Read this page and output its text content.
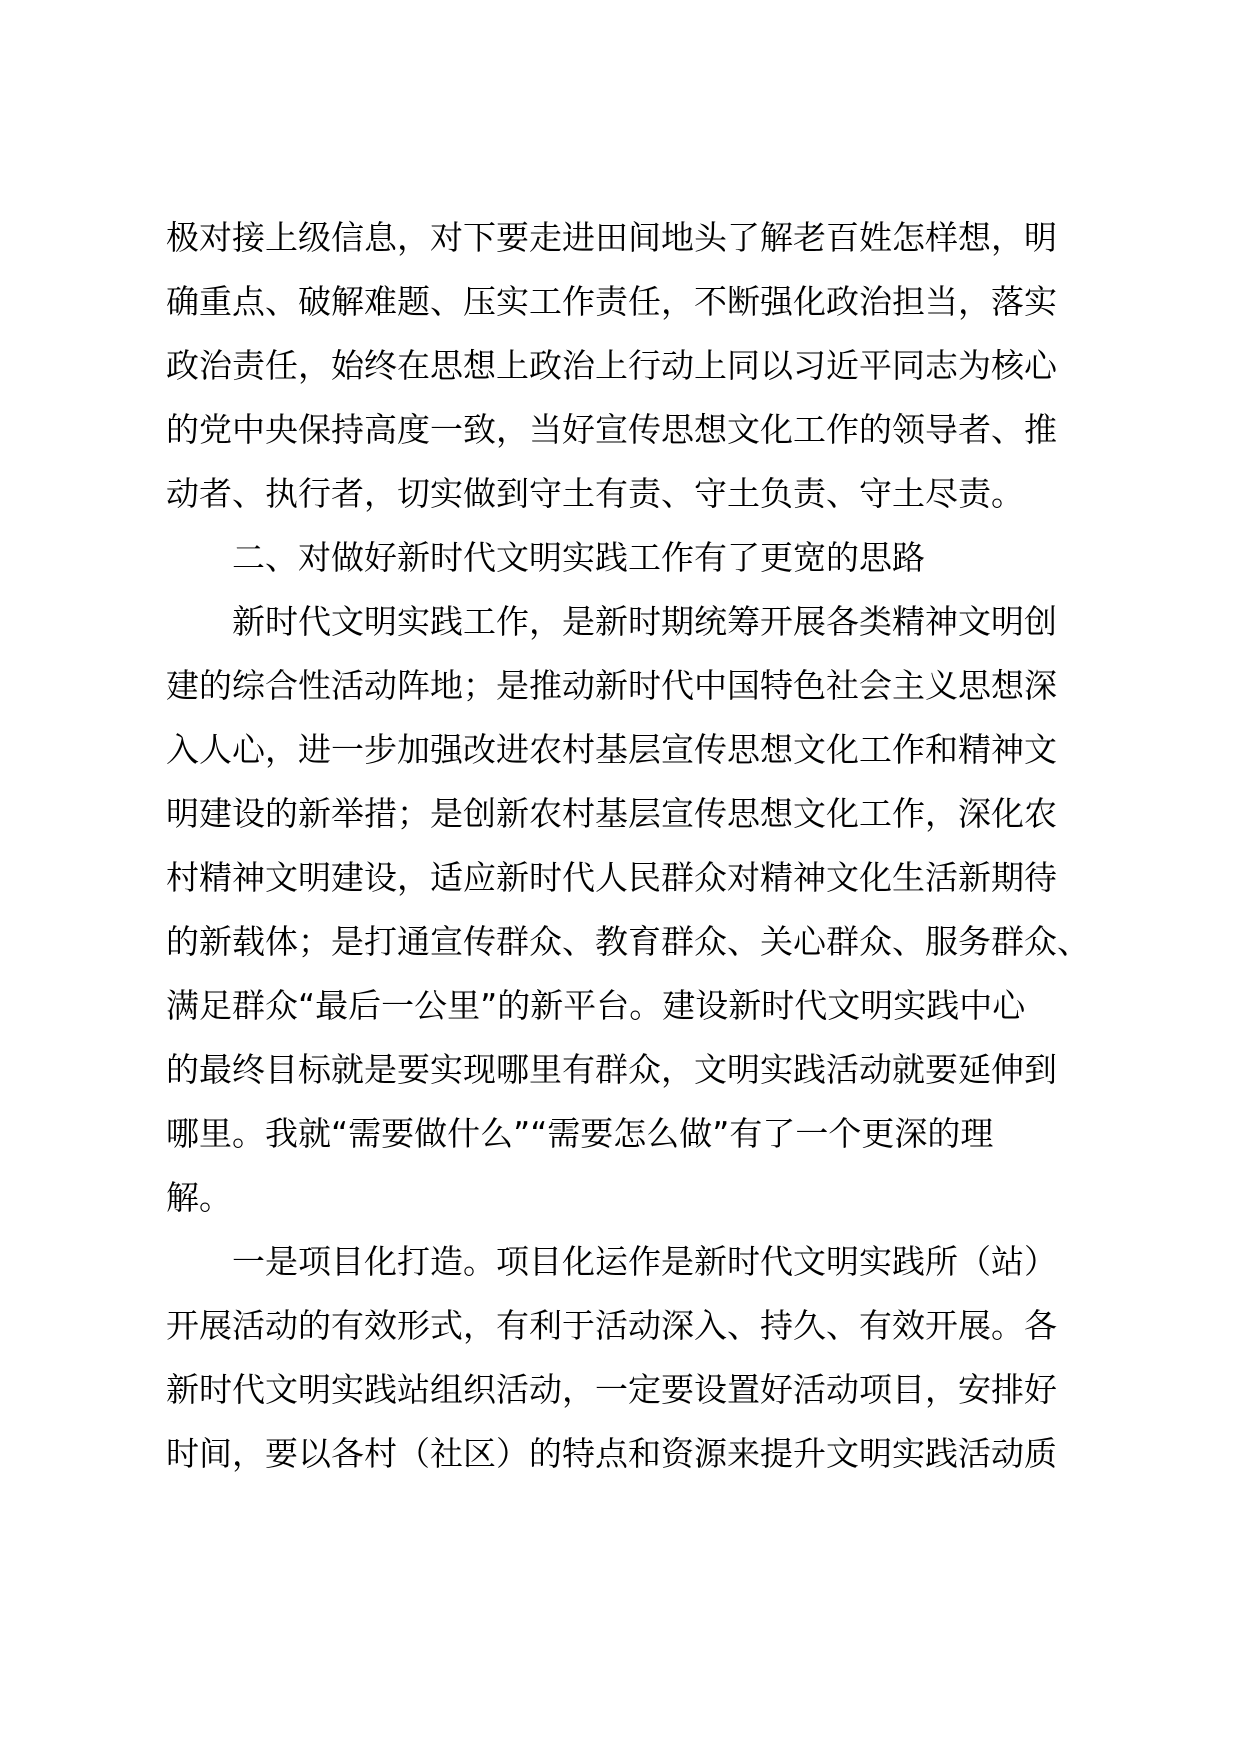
极对接上级信息，对下要走进田间地头了解老百姓怎样想，明
确重点、破解难题、压实工作责任，不断强化政治担当，落实
政治责任，始终在思想上政治上行动上同以习近平同志为核心
的党中央保持高度一致，当好宣传思想文化工作的领导者、推
动者、执行者，切实做到守土有责、守土负责、守土尽责。
二、对做好新时代文明实践工作有了更宽的思路
新时代文明实践工作，是新时期统筹开展各类精神文明创
建的综合性活动阵地；是推动新时代中国特色社会主义思想深
入人心，进一步加强改进农村基层宣传思想文化工作和精神文
明建设的新举措；是创新农村基层宣传思想文化工作，深化农
村精神文明建设，适应新时代人民群众对精神文化生活新期待
的新载体；是打通宣传群众、教育群众、关心群众、服务群众、
满足群众“最后一公里”的新平台。建设新时代文明实践中心
的最终目标就是要实现哪里有群众，文明实践活动就要延伸到
哪里。我就“需要做什么”“需要怎么做”有了一个更深的理
解。
一是项目化打造。项目化运作是新时代文明实践所（站）
开展活动的有效形式，有利于活动深入、持久、有效开展。各
新时代文明实践站组织活动，一定要设置好活动项目，安排好
时间，要以各村（社区）的特点和资源来提升文明实践活动质
